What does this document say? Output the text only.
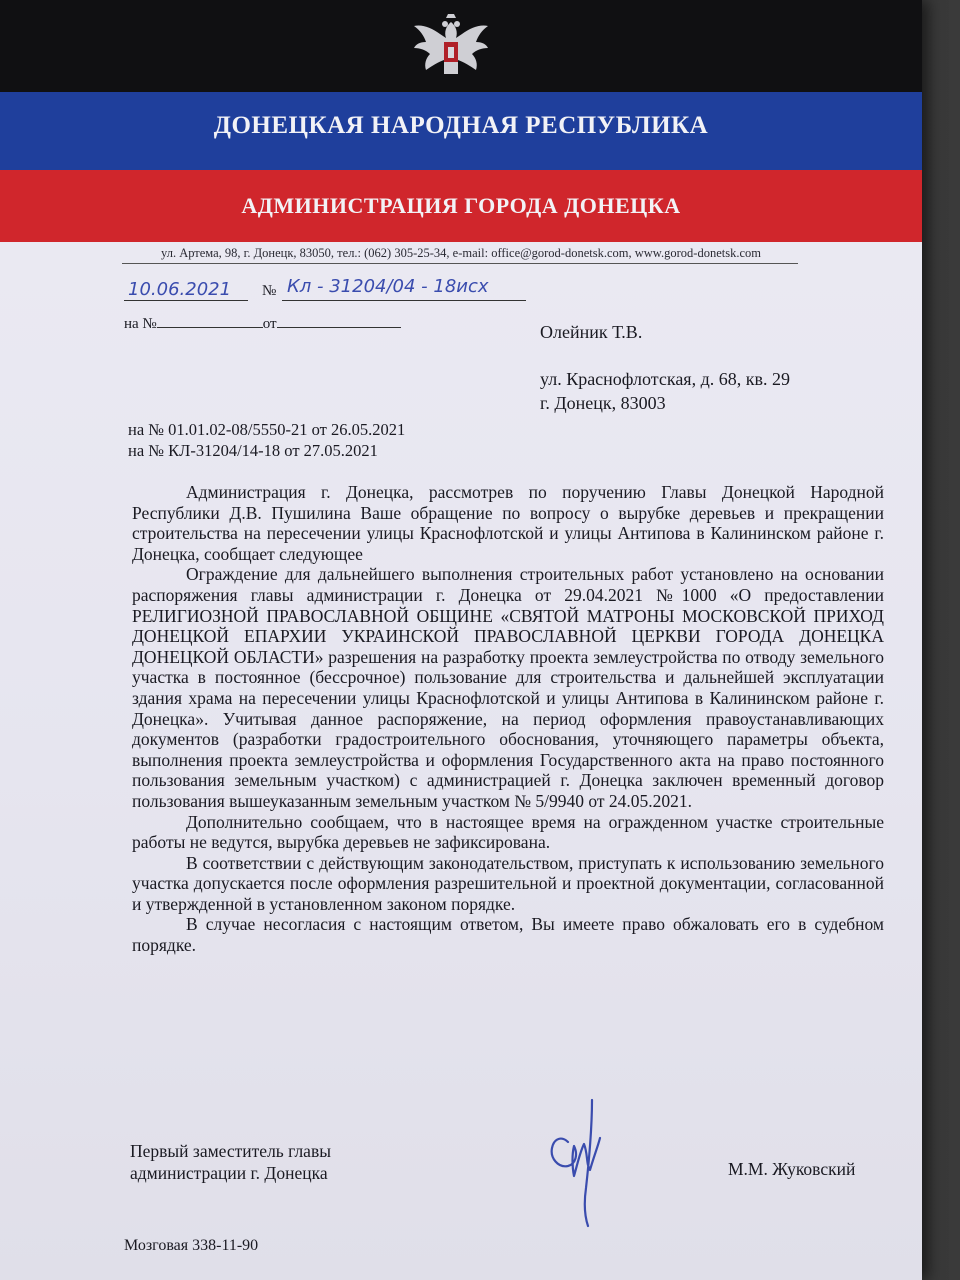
ДОНЕЦКАЯ НАРОДНАЯ РЕСПУБЛИКА
АДМИНИСТРАЦИЯ ГОРОДА ДОНЕЦКА
ул. Артема, 98, г. Донецк, 83050, тел.: (062) 305-25-34, e-mail: office@gorod-donetsk.com, www.gorod-donetsk.com
10.06.2021 № Кл - 31204/04 - 18исх
на №	от	Олейник Т.В.
ул. Краснофлотская, д. 68, кв. 29
г. Донецк, 83003
на № 01.01.02-08/5550-21 от 26.05.2021
на № КЛ-31204/14-18 от 27.05.2021

Администрация г. Донецка, рассмотрев по поручению Главы Донецкой Народной Республики Д.В. Пушилина Ваше обращение по вопросу о вырубке деревьев и прекращении строительства на пересечении улицы Краснофлотской и улицы Антипова в Калининском районе г. Донецка, сообщает следующее

Ограждение для дальнейшего выполнения строительных работ установлено на основании распоряжения главы администрации г. Донецка от 29.04.2021 №1000 «О предоставлении РЕЛИГИОЗНОЙ ПРАВОСЛАВНОЙ ОБЩИНЕ «СВЯТОЙ МАТРОНЫ МОСКОВСКОЙ ПРИХОД ДОНЕЦКОЙ ЕПАРХИИ УКРАИНСКОЙ ПРАВОСЛАВНОЙ ЦЕРКВИ ГОРОДА ДОНЕЦКА ДОНЕЦКОЙ ОБЛАСТИ» разрешения на разработку проекта землеустройства по отводу земельного участка в постоянное (бессрочное) пользование для строительства и дальнейшей эксплуатации здания храма на пересечении улицы Краснофлотской и улицы Антипова в Калининском районе г. Донецка». Учитывая данное распоряжение, на период оформления правоустанавливающих документов (разработки градостроительного обоснования, уточняющего параметры объекта, выполнения проекта землеустройства и оформления Государственного акта на право постоянного пользования земельным участком) с администрацией г. Донецка заключен временный договор пользования вышеуказанным земельным участком № 5/9940 от 24.05.2021.

Дополнительно сообщаем, что в настоящее время на огражденном участке строительные работы не ведутся, вырубка деревьев не зафиксирована.

В соответствии с действующим законодательством, приступать к использованию земельного участка допускается после оформления разрешительной и проектной документации, согласованной и утвержденной в установленном законом порядке.

В случае несогласия с настоящим ответом, Вы имеете право обжаловать его в судебном порядке.

Первый заместитель главы
администрации г. Донецка	М.М. Жуковский
Мозговая 338-11-90
